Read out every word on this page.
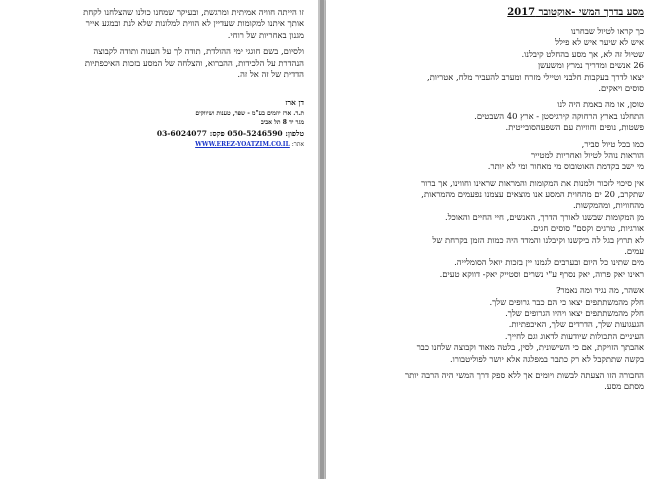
זו הייתה חוויה אמיתית ומרגשת, ובעיקר שמחנו כולנו שהצלחנו לקחת
אותך איתנו למקומות שעדיין לא הווית למלונות שלא לנת ובמגע אייר
מגנון באחריות של רוחי.
ולסיום, בשם חוגגי ימי ההולדת, תודה לך על הענוה ותודה לקבוצה
הנהדרת על הלכידות, ההברוא, והצלחה של המסע בזכות האיכפתיות
הדדית של זה אל זה.
דן ארז
ת.ד. ארז יוזמים בע"מ - שפר, טענות ושיווקים
מגר יד 8 תל אביב
טלפון: 050-5246590 פקס: 03-6024077
אתר: WWW.EREZ-YOATZIM.CO.IL
מסע בדרך המשי -אוקטובר 2017
כך קראו לטיול שבחרנו
איש לא שיער איש לא פילל
שטיול זה לא, אך מסע בהחלט קיבלנו.
26 אנשים ומדריך נמרץ ומשעשן
יצאו לדרך בעקבות חלבני וטיילי מזרח ומערב להעביר מלח, אטריות,
סוסים ויאקים.
טוסן, או מה באמת היה לנו
התחלנו בארץ הרחוקה קירגיסטן - ארץ 40 השבטים.
פשטות, נופים וחוויות עם השפעהסובייטית.
כמו בכל טיול סביר,
הוראות נוהל לטיול ואחריות למטייר
מי ישב בקדמת האוטובוס מי מאחור ומי לא יותר.
אין סיכוי לזכור ולמנות את המקומות והמראות שראינו וחווינו, אך ברור
שתקרב, 20 ים מהחוית המסע אנו מוצאים עצמנו נפעמים מהמראות,
מהחוויות, ומהמקשות.
מן המקומות שבשנו לאורך הדרך, האנשים, חיי החיים והאוכל.
אורגיות, טרגים וקסם" סוסים חגים.
לא תרוץ בגל לה ביקשנו וקיבלנו והמדד היה כמות הזמן בקרחת של
עמים.
מים שתינו כל היום ובערבים לגמנו יין בזכות יואל הסומלייה.
ראינו יאק פרוה, יאק נסרף ע"י נשרים וסטייק יאק- דווקא טעים.
אשהר, מה נגיד ומה נאמר?
חלק מהמשתתפים יצאו כי הם כבר גרופים שלך.
חלק מהמשתתפים יצאו ויהיו הגרופים שלך.
הגעגועות שלך, הדרדים שלך, האיכפתיות.
העיניים התכולות שיודעות לדאוג וגם לחייך.
אהבתך הזויקת, אם כי השישונית, לסין, בלטה מאוד וקבוצה שלחנו כבר
בקשה שתתקבל לא רק כתבר במפלגה אלא יושר לפוליטבורו.
החבורה הזו הצעתה לבשות ויומים אך ללא ספק דרך המשי היה הרבה יותר
מסתם מסע.
